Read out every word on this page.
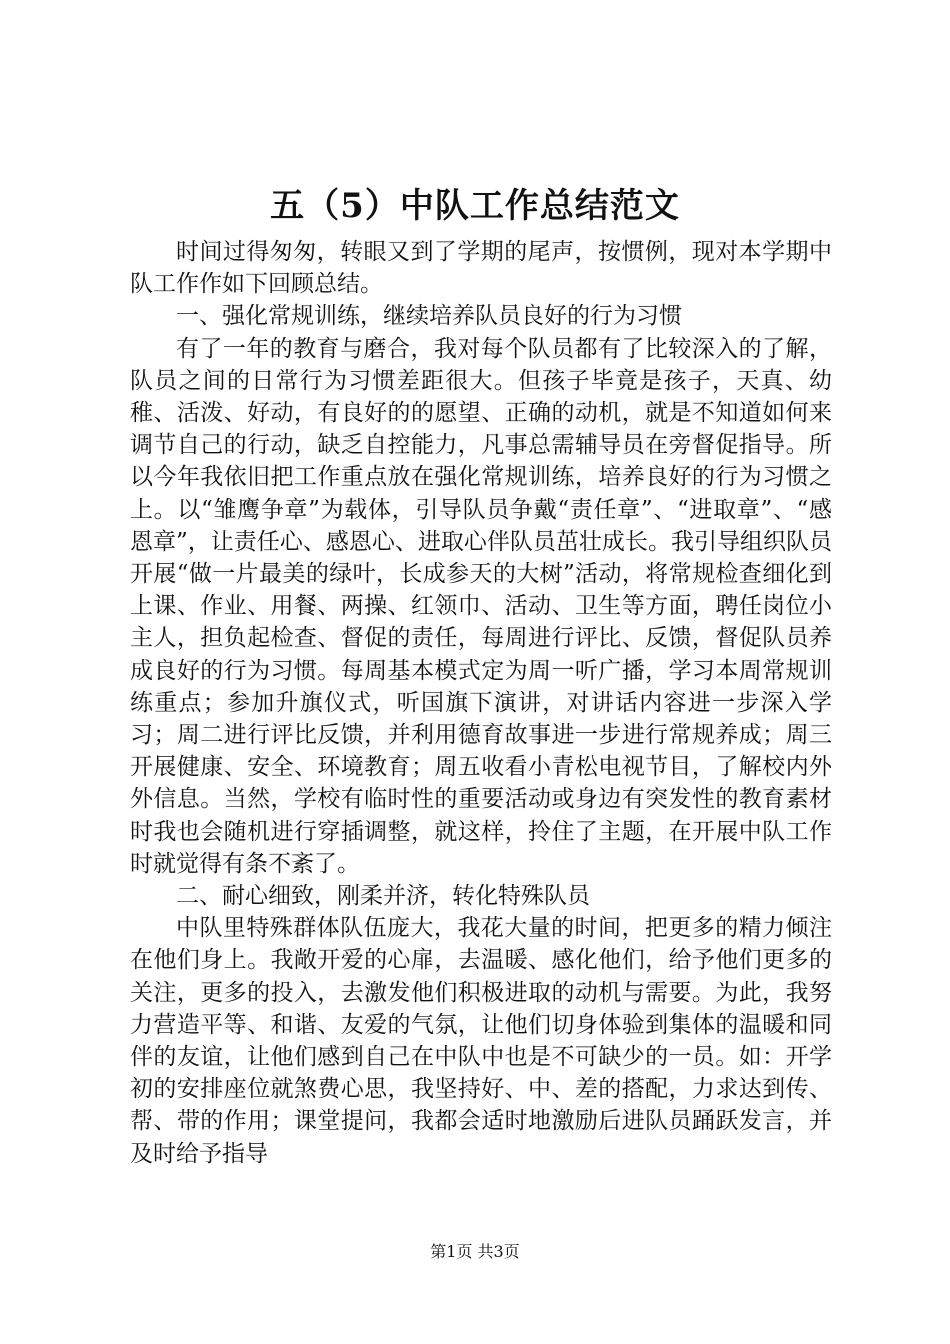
五（5）中队工作总结范文

时间过得匆匆，转眼又到了学期的尾声，按惯例，现对本学期中队工作作如下回顾总结。

一、强化常规训练，继续培养队员良好的行为习惯

有了一年的教育与磨合，我对每个队员都有了比较深入的了解，队员之间的日常行为习惯差距很大。但孩子毕竟是孩子，天真、幼稚、活泼、好动，有良好的的愿望、正确的动机，就是不知道如何来调节自己的行动，缺乏自控能力，凡事总需辅导员在旁督促指导。所以今年我依旧把工作重点放在强化常规训练，培养良好的行为习惯之上。以“雏鹰争章”为载体，引导队员争戴“责任章”、“进取章”、“感恩章”，让责任心、感恩心、进取心伴队员茁壮成长。我引导组织队员开展“做一片最美的绿叶，长成参天的大树”活动，将常规检查细化到上课、作业、用餐、两操、红领巾、活动、卫生等方面，聘任岗位小主人，担负起检查、督促的责任，每周进行评比、反馈，督促队员养成良好的行为习惯。每周基本模式定为周一听广播，学习本周常规训练重点；参加升旗仪式，听国旗下演讲，对讲话内容进一步深入学习；周二进行评比反馈，并利用德育故事进一步进行常规养成；周三开展健康、安全、环境教育；周五收看小青松电视节目，了解校内外外信息。当然，学校有临时性的重要活动或身边有突发性的教育素材时我也会随机进行穿插调整，就这样，拎住了主题，在开展中队工作时就觉得有条不紊了。

二、耐心细致，刚柔并济，转化特殊队员

中队里特殊群体队伍庞大，我花大量的时间，把更多的精力倾注在他们身上。我敞开爱的心扉，去温暖、感化他们，给予他们更多的关注，更多的投入，去激发他们积极进取的动机与需要。为此，我努力营造平等、和谐、友爱的气氛，让他们切身体验到集体的温暖和同伴的友谊，让他们感到自己在中队中也是不可缺少的一员。如：开学初的安排座位就煞费心思，我坚持好、中、差的搭配，力求达到传、帮、带的作用；课堂提问，我都会适时地激励后进队员踊跃发言，并及时给予指导

第1页 共3页
